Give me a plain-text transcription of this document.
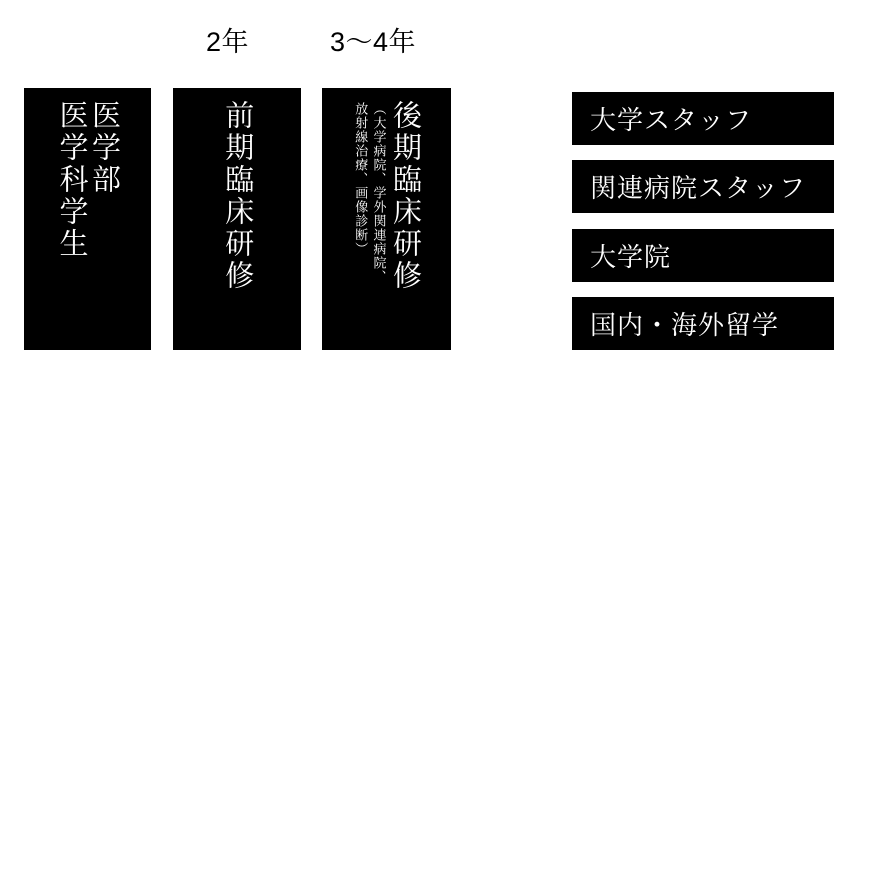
2年	3〜4年
医学部
医学科学生	前期臨床研修	後期臨床研修
（大学病院、学外関連病院、
放射線治療、画像診断）	大学スタッフ
関連病院スタッフ
大学院
国内・海外留学
